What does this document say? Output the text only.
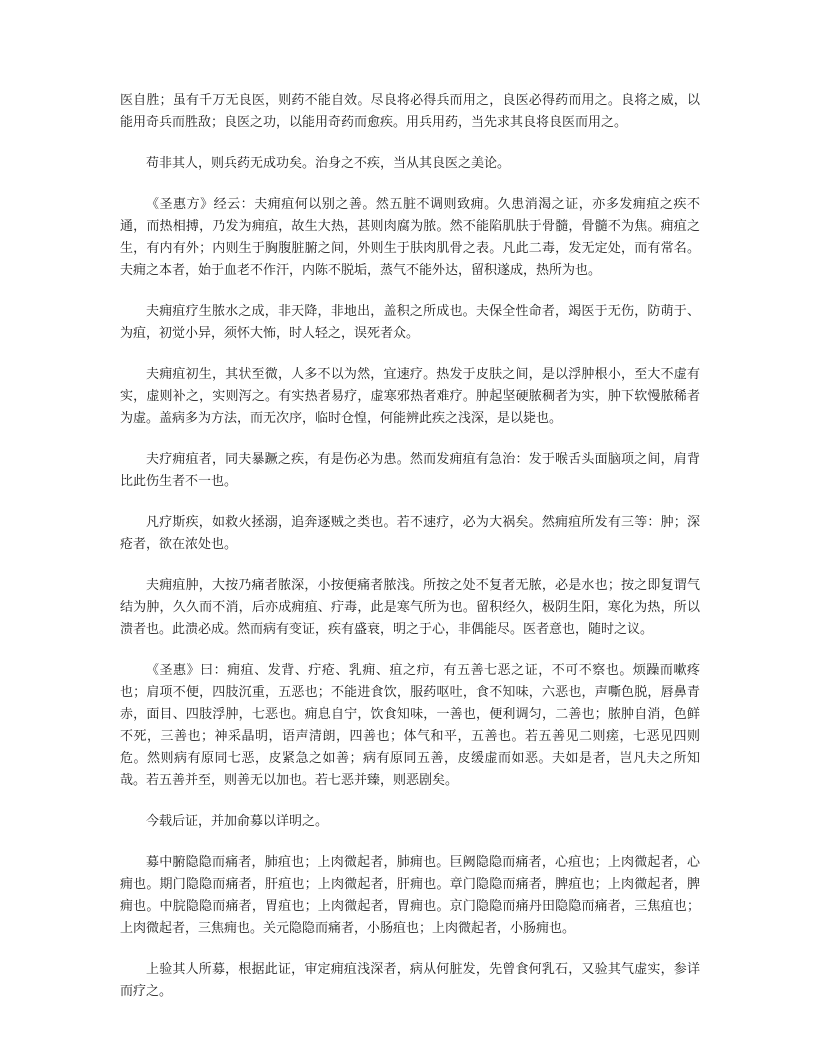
医自胜；虽有千万无良医，则药不能自效。尽良将必得兵而用之，良医必得药而用之。良将之威，以能用奇兵而胜敌；良医之功，以能用奇药而愈疾。用兵用药，当先求其良将良医而用之。

苟非其人，则兵药无成功矣。治身之不疾，当从其良医之美论。

《圣惠方》经云：夫痈疽何以别之善。然五脏不调则致痈。久患消渴之证，亦多发痈疽之疾不通，而热相搏，乃发为痈疽，故生大热，甚则肉腐为脓。然不能陷肌肤于骨髓，骨髓不为焦。痈疽之生，有内有外；内则生于胸腹脏腑之间，外则生于肤肉肌骨之表。凡此二毒，发无定处，而有常名。夫痈之本者，始于血老不作汗，内陈不脱垢，蒸气不能外达，留积遂成，热所为也。

夫痈疽疗生脓水之成，非天降，非地出，盖积之所成也。夫保全性命者，竭医于无伤，防萌于、为疽，初觉小异，须怀大怖，时人轻之，误死者众。

夫痈疽初生，其状至微，人多不以为然，宜速疗。热发于皮肤之间，是以浮肿根小，至大不虚有实，虚则补之，实则泻之。有实热者易疗，虚寒邪热者难疗。肿起坚硬脓稠者为实，肿下软慢脓稀者为虚。盖病多为方法，而无次序，临时仓惶，何能辨此疾之浅深，是以毙也。

夫疗痈疽者，同夫暴蹶之疾，有是伤必为患。然而发痈疽有急治：发于喉舌头面脑项之间，肩背比此伤生者不一也。

凡疗斯疾，如救火拯溺，追奔逐贼之类也。若不速疗，必为大祸矣。然痈疽所发有三等：肿；深疮者，欲在浓处也。

夫痈疽肿，大按乃痛者脓深，小按便痛者脓浅。所按之处不复者无脓，必是水也；按之即复谓气结为肿，久久而不消，后亦成痈疽、疔毒，此是寒气所为也。留积经久，极阴生阳，寒化为热，所以溃者也。此溃必成。然而病有变证，疾有盛衰，明之于心，非偶能尽。医者意也，随时之议。

《圣惠》曰：痈疽、发背、疔疮、乳痈、疽之疖，有五善七恶之证，不可不察也。烦躁而嗽疼也；肩项不便，四肢沉重，五恶也；不能进食饮，服药呕吐，食不知味，六恶也，声嘶色脱，唇鼻青赤，面目、四肢浮肿，七恶也。痈息自宁，饮食知味，一善也，便利调匀，二善也；脓肿自消，色鲜不死，三善也；神采晶明，语声清朗，四善也；体气和平，五善也。若五善见二则瘥，七恶见四则危。然则病有原同七恶，皮紧急之如善；病有原同五善，皮缓虚而如恶。夫如是者，岂凡夫之所知哉。若五善并至，则善无以加也。若七恶并臻，则恶剧矣。

今载后证，并加俞募以详明之。

募中腑隐隐而痛者，肺疽也；上肉微起者，肺痈也。巨阙隐隐而痛者，心疽也；上肉微起者，心痈也。期门隐隐而痛者，肝疽也；上肉微起者，肝痈也。章门隐隐而痛者，脾疽也；上肉微起者，脾痈也。中脘隐隐而痛者，胃疽也；上肉微起者，胃痈也。京门隐隐而痛丹田隐隐而痛者，三焦疽也；上肉微起者，三焦痈也。关元隐隐而痛者，小肠疽也；上肉微起者，小肠痈也。

上验其人所募，根据此证，审定痈疽浅深者，病从何脏发，先曾食何乳石，又验其气虚实，参详而疗之。
